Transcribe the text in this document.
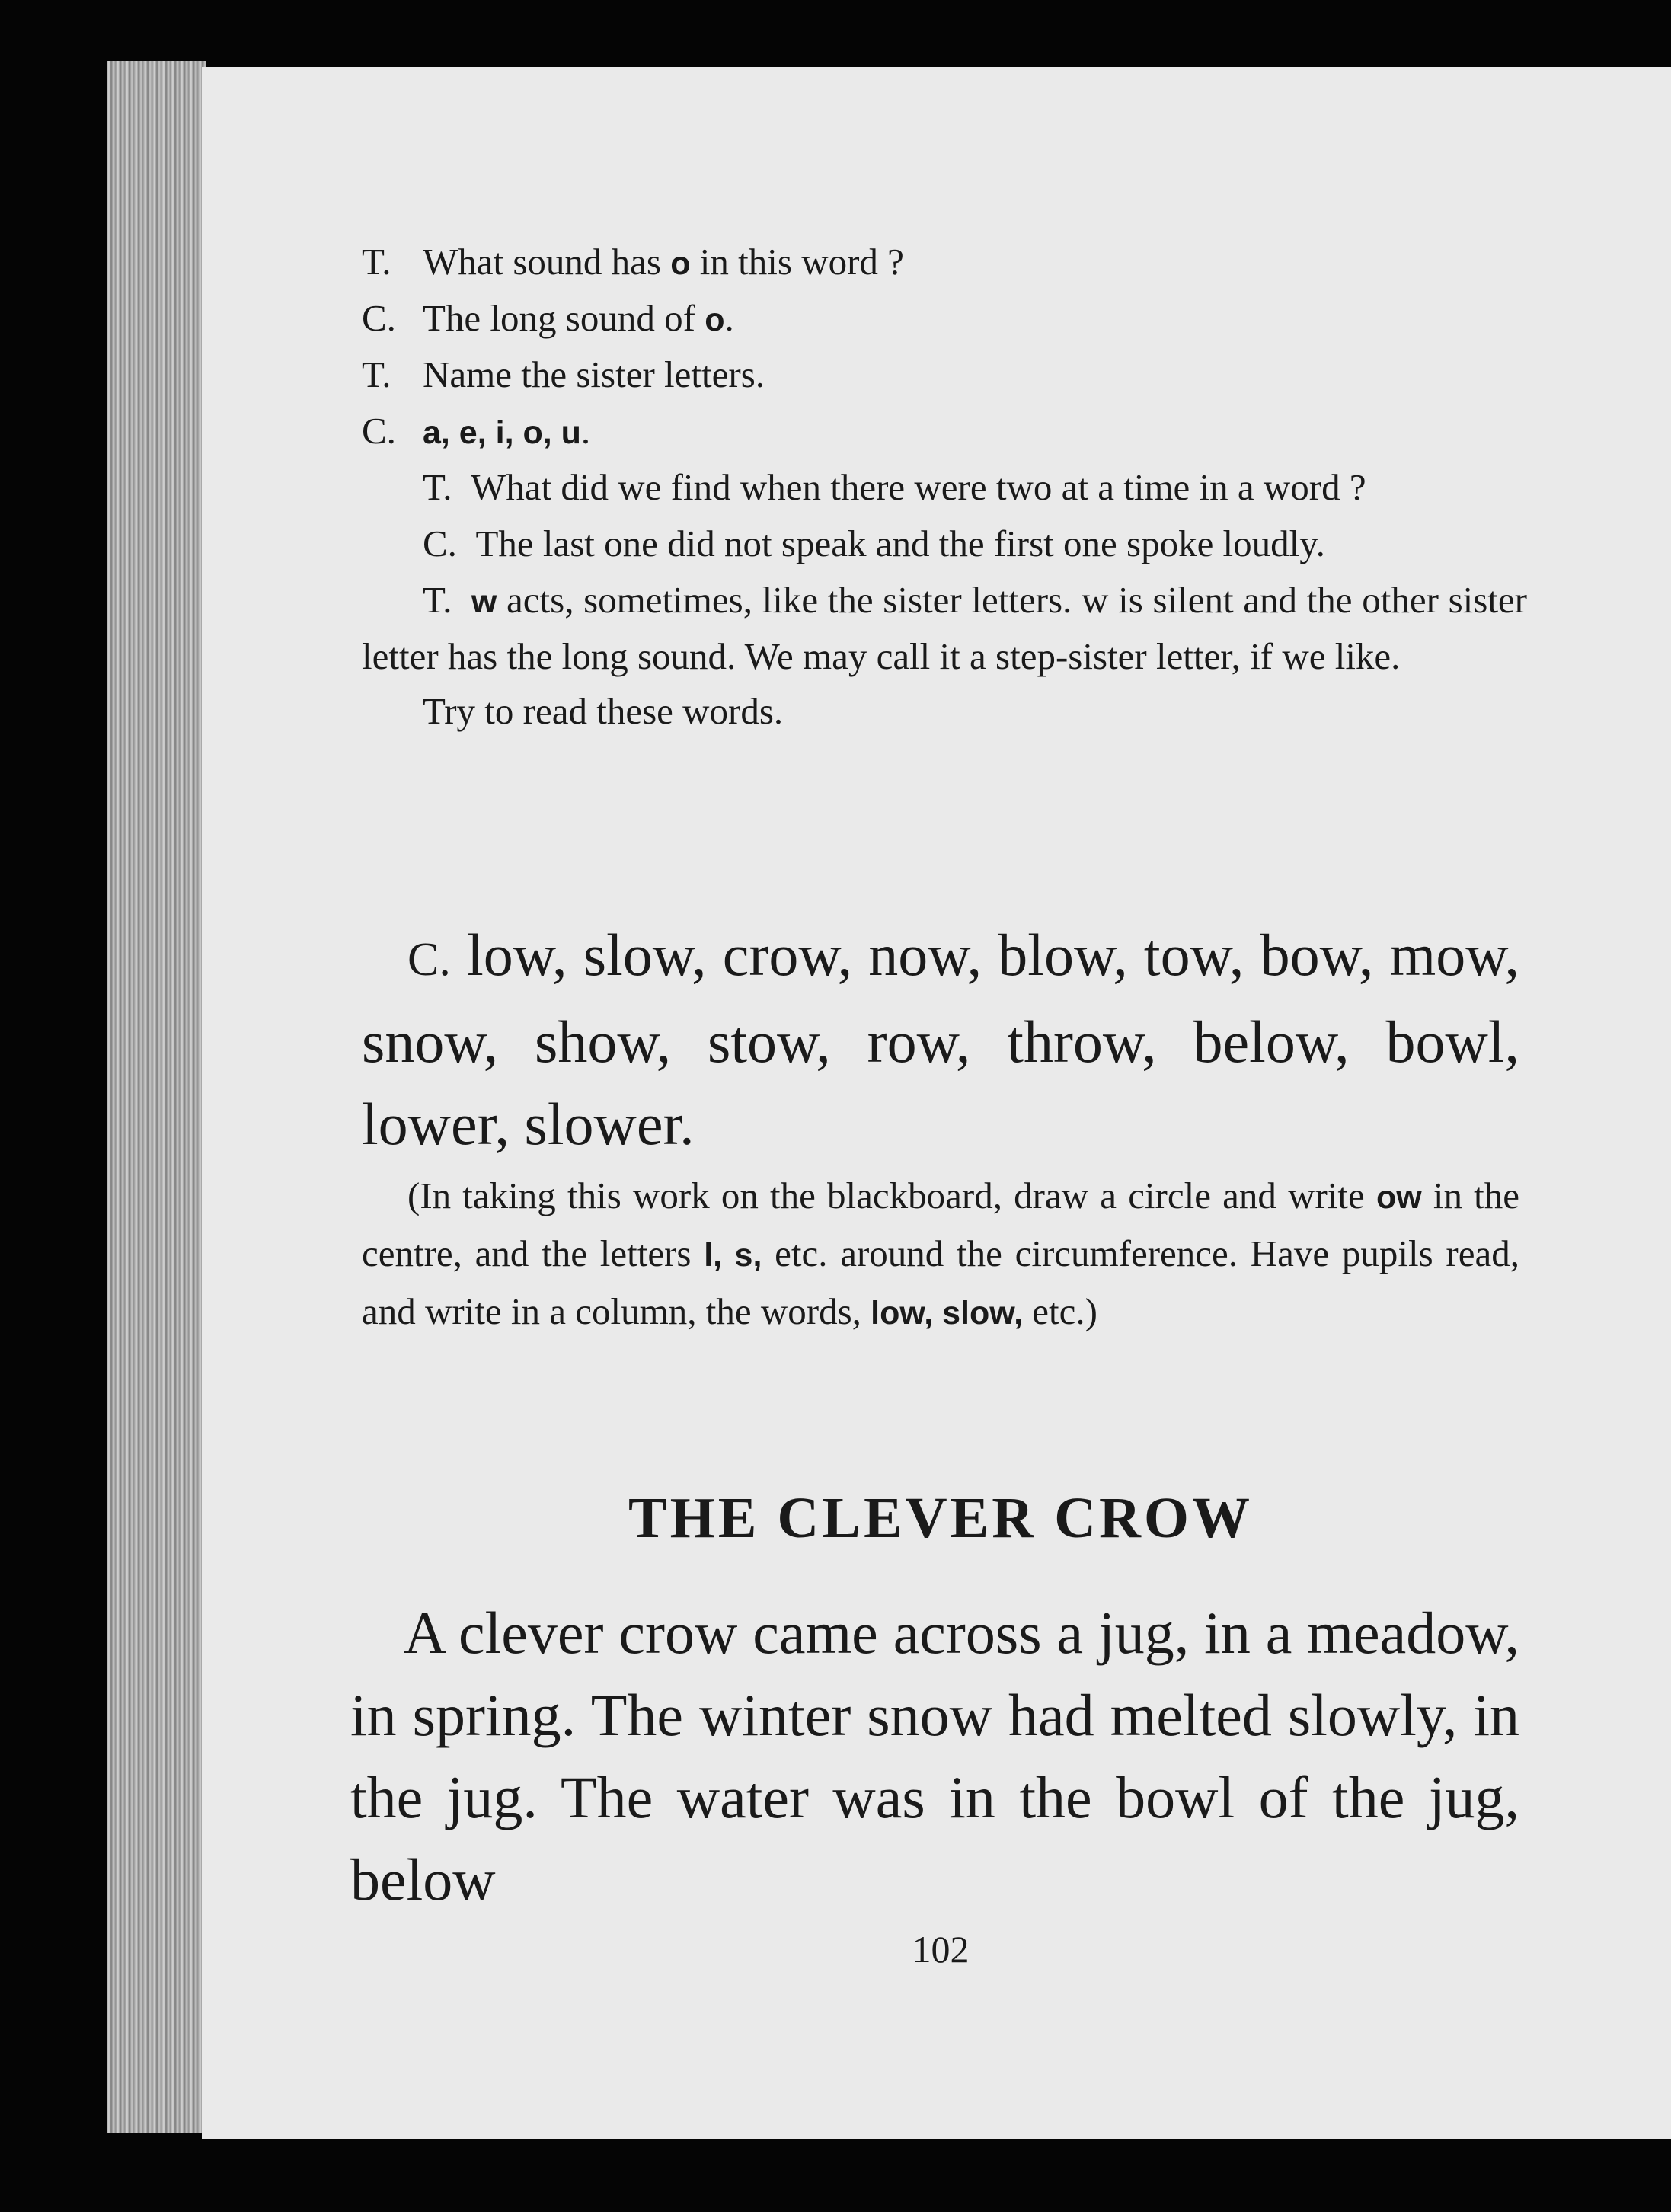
T. What sound has o in this word ?

C. The long sound of o.

T. Name the sister letters.

C. a, e, i, o, u.

T. What did we find when there were two at a time in a word ?

C. The last one did not speak and the first one spoke loudly.

T. w acts, sometimes, like the sister letters. w is silent and the other sister letter has the long sound. We may call it a step-sister letter, if we like.

Try to read these words.

C. low, slow, crow, now, blow, tow, bow, mow, snow, show, stow, row, throw, below, bowl, lower, slower.

(In taking this work on the blackboard, draw a circle and write ow in the centre, and the letters l, s, etc. around the circumference. Have pupils read, and write in a column, the words, low, slow, etc.)

THE CLEVER CROW

A clever crow came across a jug, in a meadow, in spring. The winter snow had melted slowly, in the jug. The water was in the bowl of the jug, below

102
